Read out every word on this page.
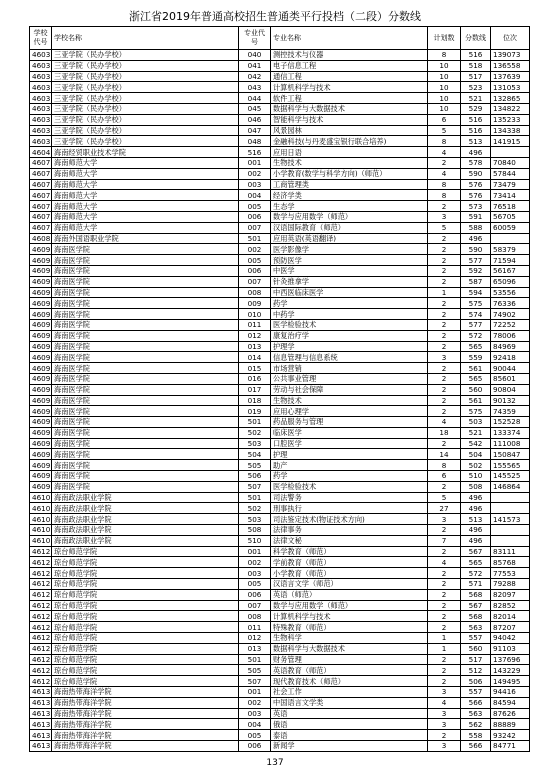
浙江省2019年普通高校招生普通类平行投档（二段）分数线
学校代号	学校名称	专业代号	专业名称	计划数	分数线	位次
4603	三亚学院（民办学校）	040	测控技术与仪器	8	516	139073
4603	三亚学院（民办学校）	041	电子信息工程	10	518	136558
4603	三亚学院（民办学校）	042	通信工程	10	517	137639
4603	三亚学院（民办学校）	043	计算机科学与技术	10	523	131053
4603	三亚学院（民办学校）	044	软件工程	10	521	132865
4603	三亚学院（民办学校）	045	数据科学与大数据技术	10	529	134822
4603	三亚学院（民办学校）	046	智能科学与技术	6	516	135233
4603	三亚学院（民办学校）	047	风景园林	5	516	134338
4603	三亚学院（民办学校）	048	金融科技(与丹麦盛宝银行联合培养)	8	513	141915
4604	海南经贸职业技术学院	516	应用日语	4	496	
4607	海南师范大学	001	生物技术	2	578	70840
4607	海南师范大学	002	小学教育(数学与科学方向)（师范）	4	590	57844
4607	海南师范大学	003	工商管理类	8	576	73479
4607	海南师范大学	004	经济学类	8	576	73414
4607	海南师范大学	005	生态学	2	573	76518
4607	海南师范大学	006	数学与应用数学（师范）	3	591	56705
4607	海南师范大学	007	汉语国际教育（师范）	5	588	60059
4608	海南外国语职业学院	501	应用英语(英语翻译)	2	496	
4609	海南医学院	002	医学影像学	2	590	58379
4609	海南医学院	005	预防医学	2	577	71594
4609	海南医学院	006	中医学	2	592	56167
4609	海南医学院	007	针灸推拿学	2	587	65096
4609	海南医学院	008	中西医临床医学	1	594	53556
4609	海南医学院	009	药学	2	575	76336
4609	海南医学院	010	中药学	2	574	74902
4609	海南医学院	011	医学检验技术	2	577	72252
4609	海南医学院	012	康复治疗学	2	572	78006
4609	海南医学院	013	护理学	2	565	84969
4609	海南医学院	014	信息管理与信息系统	3	559	92418
4609	海南医学院	015	市场营销	2	561	90044
4609	海南医学院	016	公共事业管理	2	565	85601
4609	海南医学院	017	劳动与社会保障	2	560	90804
4609	海南医学院	018	生物技术	2	561	90132
4609	海南医学院	019	应用心理学	2	575	74359
4609	海南医学院	501	药品服务与管理	4	503	152528
4609	海南医学院	502	临床医学	18	521	133374
4609	海南医学院	503	口腔医学	2	542	111008
4609	海南医学院	504	护理	14	504	150847
4609	海南医学院	505	助产	8	502	155565
4609	海南医学院	506	药学	6	510	145525
4609	海南医学院	507	医学检验技术	2	508	146864
4610	海南政法职业学院	501	司法警务	5	496	
4610	海南政法职业学院	502	刑事执行	27	496	
4610	海南政法职业学院	503	司法鉴定技术(物证技术方向)	3	513	141573
4610	海南政法职业学院	508	法律事务	2	496	
4610	海南政法职业学院	510	法律文秘	7	496	
4612	琼台师范学院	001	科学教育（师范）	2	567	83111
4612	琼台师范学院	002	学前教育（师范）	4	565	85768
4612	琼台师范学院	003	小学教育（师范）	2	572	77553
4612	琼台师范学院	005	汉语言文学（师范）	2	571	79288
4612	琼台师范学院	006	英语（师范）	2	568	82097
4612	琼台师范学院	007	数学与应用数学（师范）	2	567	82852
4612	琼台师范学院	008	计算机科学与技术	2	568	82014
4612	琼台师范学院	011	特殊教育（师范）	2	563	87207
4612	琼台师范学院	012	生物科学	1	557	94042
4612	琼台师范学院	013	数据科学与大数据技术	1	560	91103
4612	琼台师范学院	501	财务管理	2	517	137696
4612	琼台师范学院	505	英语教育（师范）	2	512	143229
4612	琼台师范学院	507	现代教育技术（师范）	2	506	149495
4613	海南热带海洋学院	001	社会工作	3	557	94416
4613	海南热带海洋学院	002	中国语言文学类	4	566	84594
4613	海南热带海洋学院	003	英语	3	563	87626
4613	海南热带海洋学院	004	俄语	3	562	88889
4613	海南热带海洋学院	005	泰语	2	558	93242
4613	海南热带海洋学院	006	新闻学	3	566	84771
137
